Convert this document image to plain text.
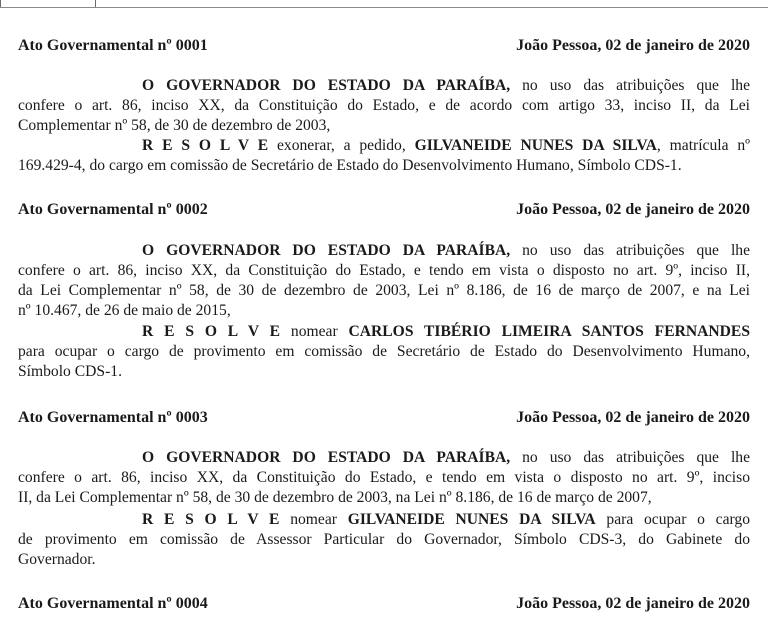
Ato Governamental nº 0001	João Pessoa, 02 de janeiro de 2020
O GOVERNADOR DO ESTADO DA PARAÍBA, no uso das atribuições que lhe
confere o art. 86, inciso XX, da Constituição do Estado, e de acordo com artigo 33, inciso II, da Lei
Complementar nº 58, de 30 de dezembro de 2003,
R E S O L V E exonerar, a pedido, GILVANEIDE NUNES DA SILVA, matrícula nº
169.429-4, do cargo em comissão de Secretário de Estado do Desenvolvimento Humano, Símbolo CDS-1.
Ato Governamental nº 0002	João Pessoa, 02 de janeiro de 2020
O GOVERNADOR DO ESTADO DA PARAÍBA, no uso das atribuições que lhe
confere o art. 86, inciso XX, da Constituição do Estado, e tendo em vista o disposto no art. 9º, inciso II,
da Lei Complementar nº 58, de 30 de dezembro de 2003, Lei nº 8.186, de 16 de março de 2007, e na Lei
nº 10.467, de 26 de maio de 2015,
R E S O L V E nomear CARLOS TIBÉRIO LIMEIRA SANTOS FERNANDES
para ocupar o cargo de provimento em comissão de Secretário de Estado do Desenvolvimento Humano,
Símbolo CDS-1.
Ato Governamental nº 0003	João Pessoa, 02 de janeiro de 2020
O GOVERNADOR DO ESTADO DA PARAÍBA, no uso das atribuições que lhe
confere o art. 86, inciso XX, da Constituição do Estado, e tendo em vista o disposto no art. 9º, inciso
II, da Lei Complementar nº 58, de 30 de dezembro de 2003, na Lei nº 8.186, de 16 de março de 2007,
R E S O L V E nomear GILVANEIDE NUNES DA SILVA para ocupar o cargo
de provimento em comissão de Assessor Particular do Governador, Símbolo CDS-3, do Gabinete do
Governador.
Ato Governamental nº 0004	João Pessoa, 02 de janeiro de 2020
